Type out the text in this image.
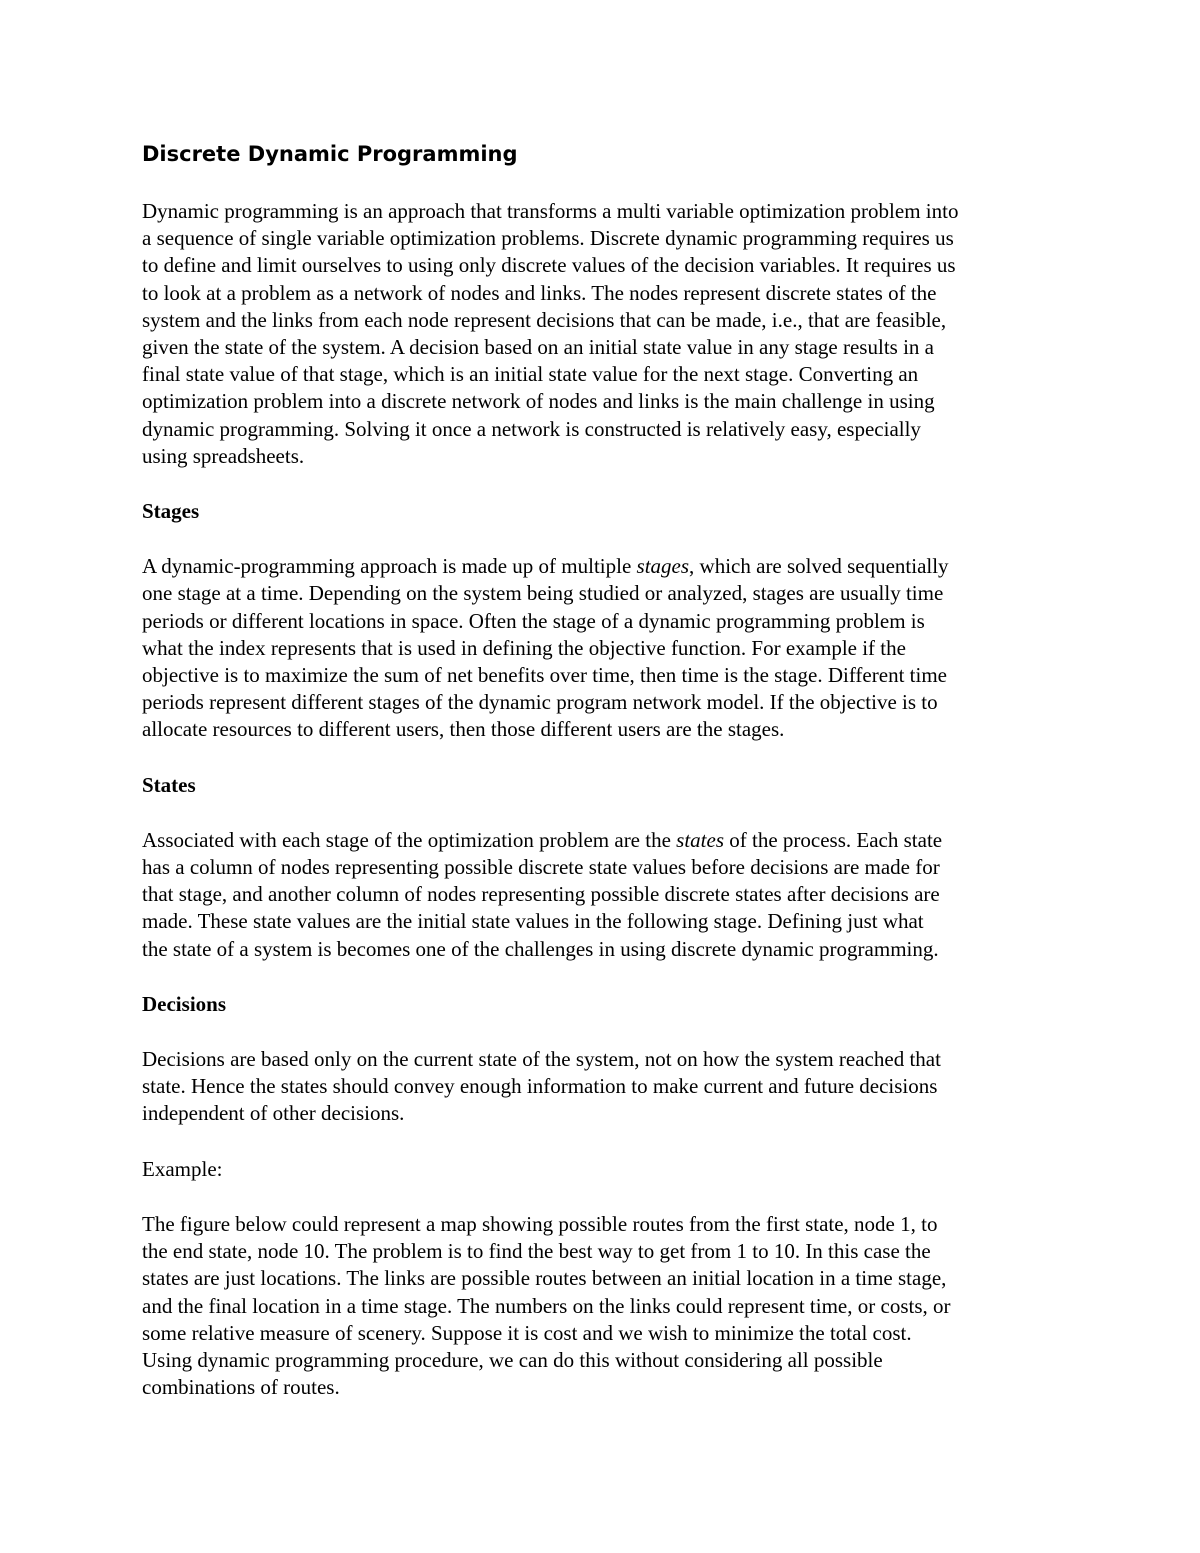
Discrete Dynamic Programming

Dynamic programming is an approach that transforms a multi variable optimization problem into
a sequence of single variable optimization problems. Discrete dynamic programming requires us
to define and limit ourselves to using only discrete values of the decision variables. It requires us
to look at a problem as a network of nodes and links. The nodes represent discrete states of the
system and the links from each node represent decisions that can be made, i.e., that are feasible,
given the state of the system. A decision based on an initial state value in any stage results in a
final state value of that stage, which is an initial state value for the next stage. Converting an
optimization problem into a discrete network of nodes and links is the main challenge in using
dynamic programming. Solving it once a network is constructed is relatively easy, especially
using spreadsheets.

Stages

A dynamic-programming approach is made up of multiple stages, which are solved sequentially
one stage at a time. Depending on the system being studied or analyzed, stages are usually time
periods or different locations in space. Often the stage of a dynamic programming problem is
what the index represents that is used in defining the objective function. For example if the
objective is to maximize the sum of net benefits over time, then time is the stage. Different time
periods represent different stages of the dynamic program network model. If the objective is to
allocate resources to different users, then those different users are the stages.

States

Associated with each stage of the optimization problem are the states of the process. Each state
has a column of nodes representing possible discrete state values before decisions are made for
that stage, and another column of nodes representing possible discrete states after decisions are
made. These state values are the initial state values in the following stage. Defining just what
the state of a system is becomes one of the challenges in using discrete dynamic programming.

Decisions

Decisions are based only on the current state of the system, not on how the system reached that
state. Hence the states should convey enough information to make current and future decisions
independent of other decisions.

Example:

The figure below could represent a map showing possible routes from the first state, node 1, to
the end state, node 10. The problem is to find the best way to get from 1 to 10. In this case the
states are just locations. The links are possible routes between an initial location in a time stage,
and the final location in a time stage. The numbers on the links could represent time, or costs, or
some relative measure of scenery. Suppose it is cost and we wish to minimize the total cost.
Using dynamic programming procedure, we can do this without considering all possible
combinations of routes.
